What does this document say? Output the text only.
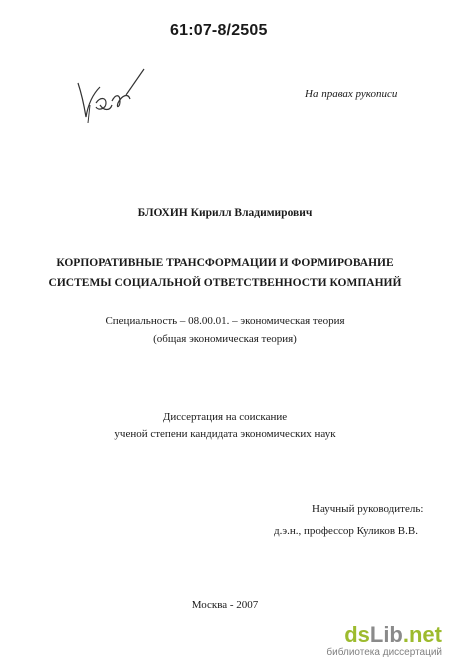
61:07-8/2505
На правах рукописи
БЛОХИН Кирилл Владимирович
КОРПОРАТИВНЫЕ ТРАНСФОРМАЦИИ И ФОРМИРОВАНИЕ
СИСТЕМЫ СОЦИАЛЬНОЙ ОТВЕТСТВЕННОСТИ КОМПАНИЙ
Специальность – 08.00.01. – экономическая теория
(общая экономическая теория)
Диссертация на соискание
ученой степени кандидата экономических наук
Научный руководитель:
д.э.н., профессор Куликов В.В.
Москва - 2007
dsLib.net
библиотека диссертаций
